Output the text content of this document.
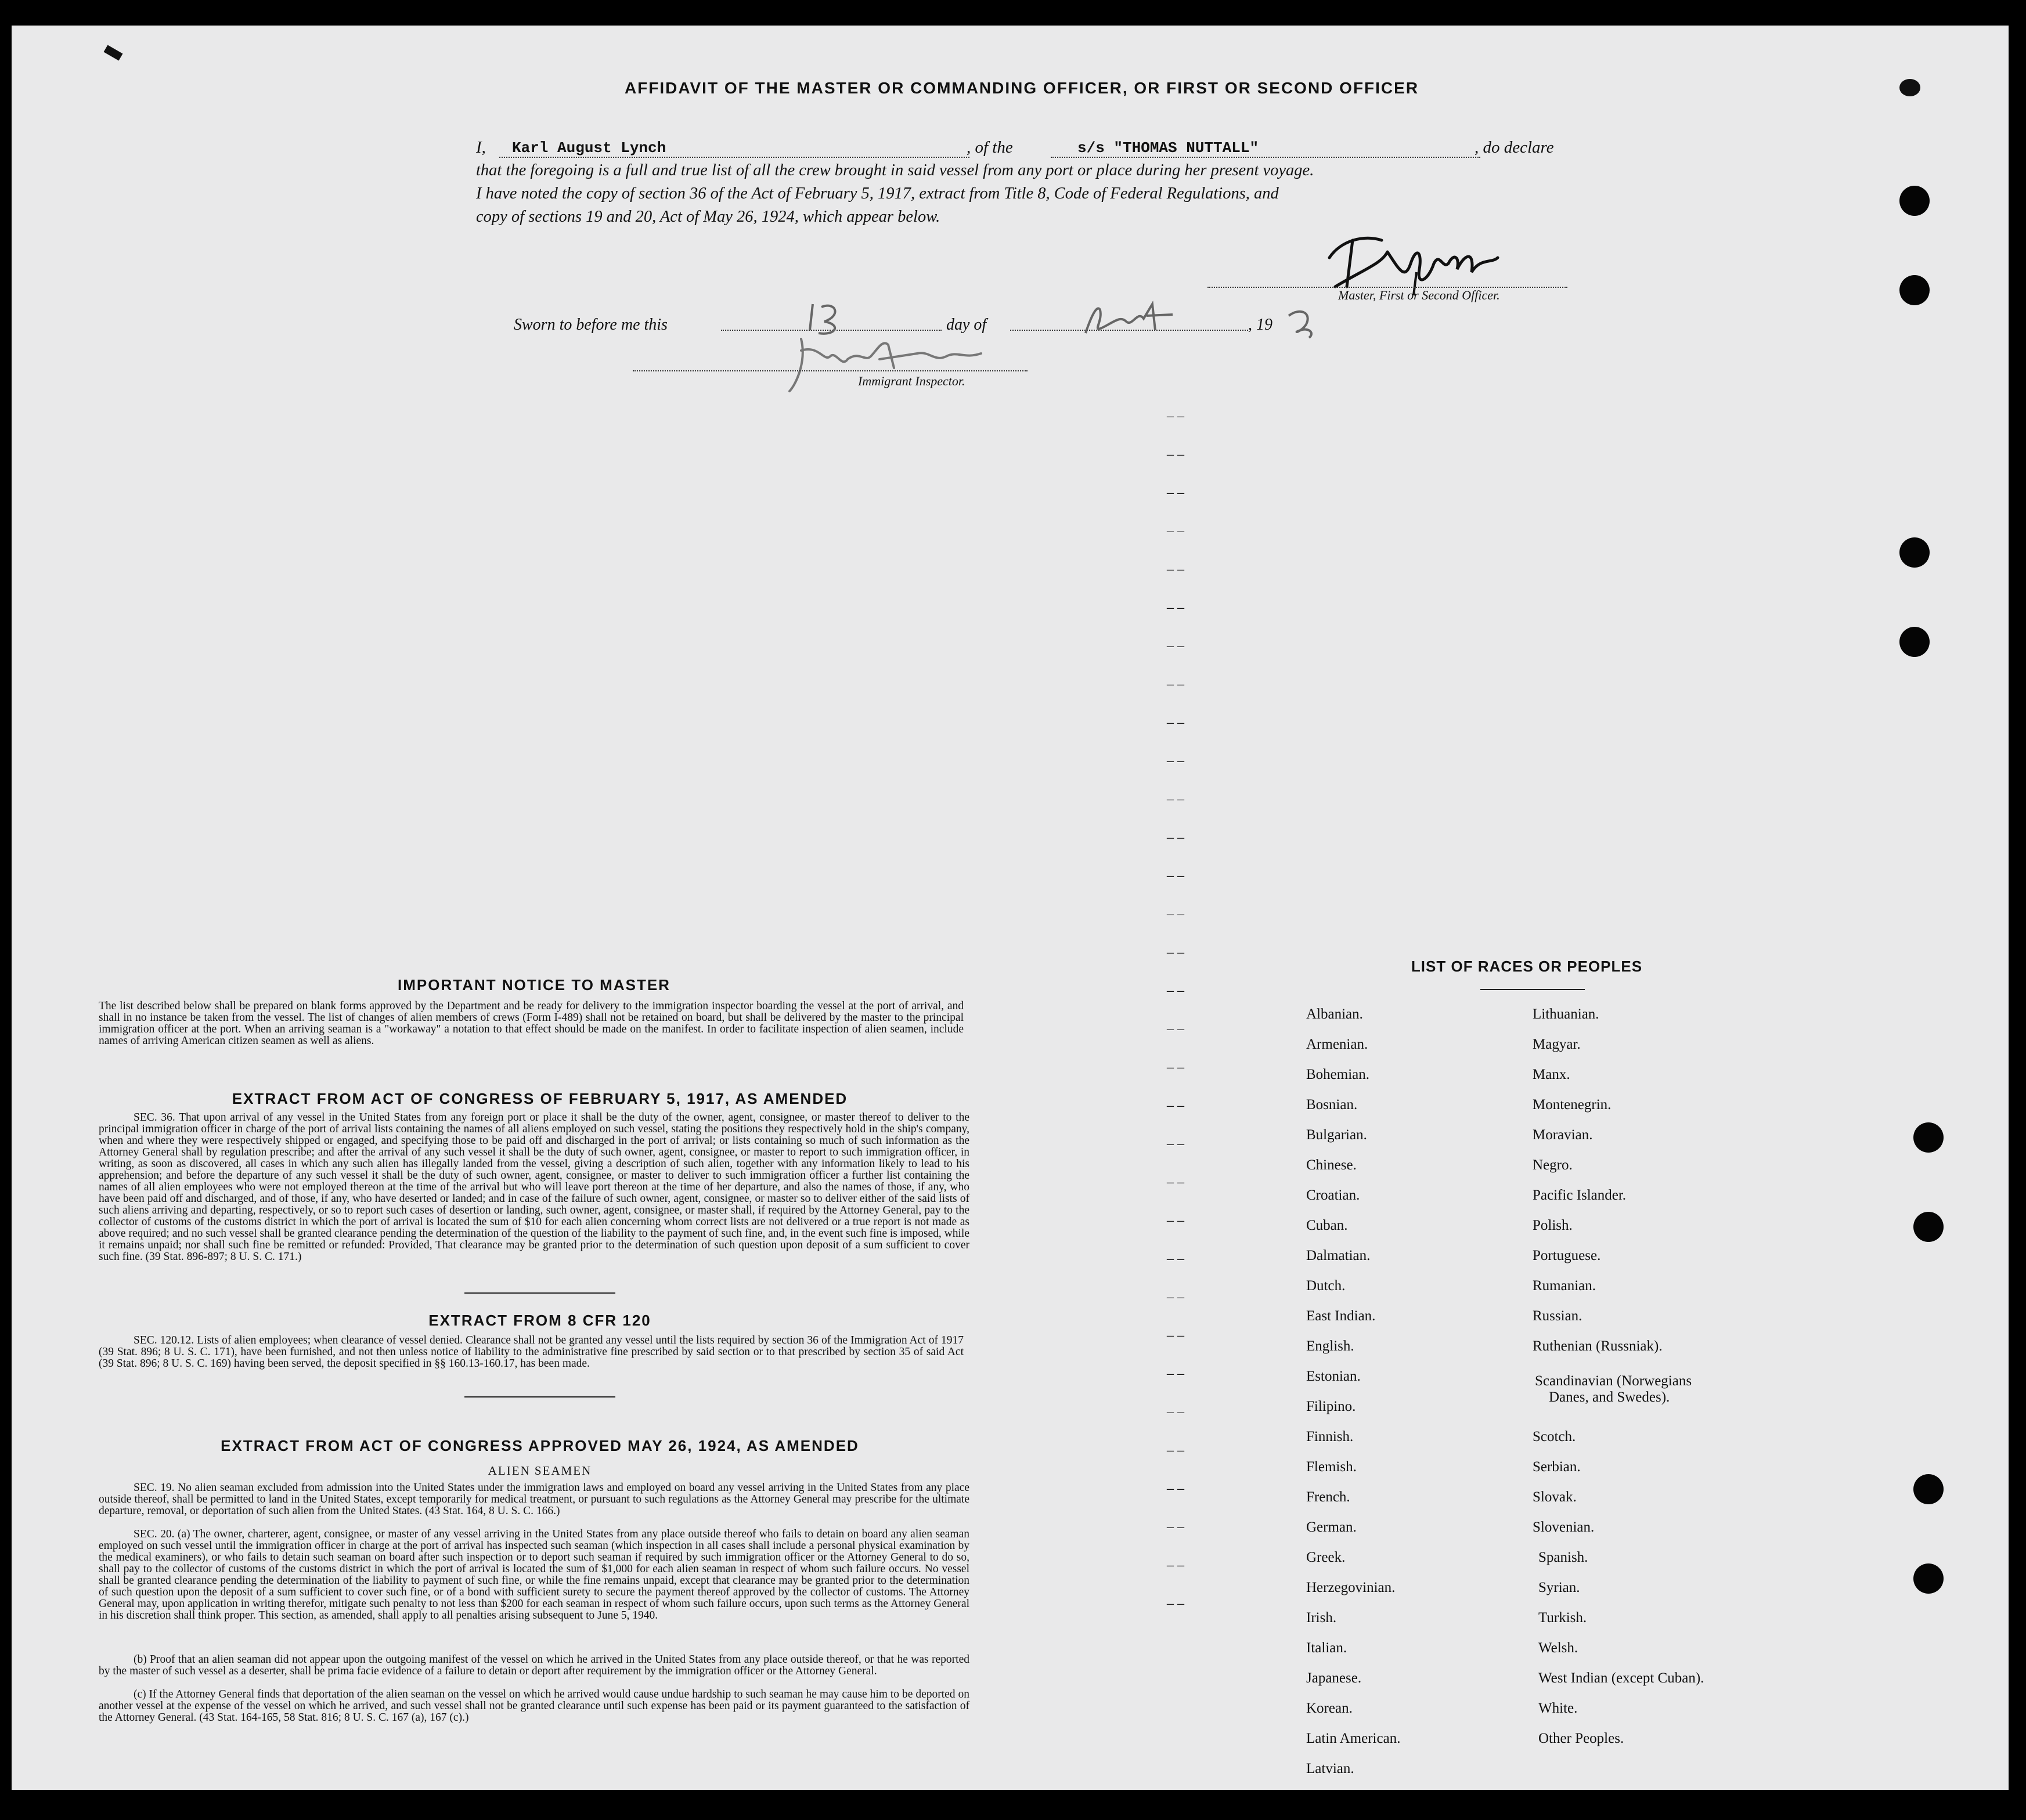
AFFIDAVIT OF THE MASTER OR COMMANDING OFFICER, OR FIRST OR SECOND OFFICER
I, Karl August Lynch	, of the	s/s "THOMAS NUTTALL"	, do declare
that the foregoing is a full and true list of all the crew brought in said vessel from any port or place during her present voyage.
I have noted the copy of section 36 of the Act of February 5, 1917, extract from Title 8, Code of Federal Regulations, and
copy of sections 19 and 20, Act of May 26, 1924, which appear below.
Master, First or Second Officer.
Sworn to before me this	day of	, 19
Immigrant Inspector.
– –
– –
– –
– –
– –
– –
– –
– –
– –
– –
– –
– –
– –
– –
– –
– –
– –
– –
– –
– –
– –
– –
– –
– –
– –
– –
– –
– –
– –
– –
– –
– –
IMPORTANT NOTICE TO MASTER
The list described below shall be prepared on blank forms approved by the Department and be ready for delivery to the immigration inspector boarding the vessel at the port of arrival, and shall in no instance be taken from the vessel. The list of changes of alien members of crews (Form I-489) shall not be retained on board, but shall be delivered by the master to the principal immigration officer at the port. When an arriving seaman is a "workaway" a notation to that effect should be made on the manifest. In order to facilitate inspection of alien seamen, include names of arriving American citizen seamen as well as aliens.
EXTRACT FROM ACT OF CONGRESS OF FEBRUARY 5, 1917, AS AMENDED
SEC. 36. That upon arrival of any vessel in the United States from any foreign port or place it shall be the duty of the owner, agent, consignee, or master thereof to deliver to the principal immigration officer in charge of the port of arrival lists containing the names of all aliens employed on such vessel, stating the positions they respectively hold in the ship's company, when and where they were respectively shipped or engaged, and specifying those to be paid off and discharged in the port of arrival; or lists containing so much of such information as the Attorney General shall by regulation prescribe; and after the arrival of any such vessel it shall be the duty of such owner, agent, consignee, or master to report to such immigration officer, in writing, as soon as discovered, all cases in which any such alien has illegally landed from the vessel, giving a description of such alien, together with any information likely to lead to his apprehension; and before the departure of any such vessel it shall be the duty of such owner, agent, consignee, or master to deliver to such immigration officer a further list containing the names of all alien employees who were not employed thereon at the time of the arrival but who will leave port thereon at the time of her departure, and also the names of those, if any, who have been paid off and discharged, and of those, if any, who have deserted or landed; and in case of the failure of such owner, agent, consignee, or master so to deliver either of the said lists of such aliens arriving and departing, respectively, or so to report such cases of desertion or landing, such owner, agent, consignee, or master shall, if required by the Attorney General, pay to the collector of customs of the customs district in which the port of arrival is located the sum of $10 for each alien concerning whom correct lists are not delivered or a true report is not made as above required; and no such vessel shall be granted clearance pending the determination of the question of the liability to the payment of such fine, and, in the event such fine is imposed, while it remains unpaid; nor shall such fine be remitted or refunded: Provided, That clearance may be granted prior to the determination of such question upon deposit of a sum sufficient to cover such fine. (39 Stat. 896-897; 8 U. S. C. 171.)
EXTRACT FROM 8 CFR 120
SEC. 120.12. Lists of alien employees; when clearance of vessel denied. Clearance shall not be granted any vessel until the lists required by section 36 of the Immigration Act of 1917 (39 Stat. 896; 8 U. S. C. 171), have been furnished, and not then unless notice of liability to the administrative fine prescribed by said section or to that prescribed by section 35 of said Act (39 Stat. 896; 8 U. S. C. 169) having been served, the deposit specified in §§ 160.13-160.17, has been made.
EXTRACT FROM ACT OF CONGRESS APPROVED MAY 26, 1924, AS AMENDED
ALIEN SEAMEN
SEC. 19. No alien seaman excluded from admission into the United States under the immigration laws and employed on board any vessel arriving in the United States from any place outside thereof, shall be permitted to land in the United States, except temporarily for medical treatment, or pursuant to such regulations as the Attorney General may prescribe for the ultimate departure, removal, or deportation of such alien from the United States. (43 Stat. 164, 8 U. S. C. 166.)
SEC. 20. (a) The owner, charterer, agent, consignee, or master of any vessel arriving in the United States from any place outside thereof who fails to detain on board any alien seaman employed on such vessel until the immigration officer in charge at the port of arrival has inspected such seaman (which inspection in all cases shall include a personal physical examination by the medical examiners), or who fails to detain such seaman on board after such inspection or to deport such seaman if required by such immigration officer or the Attorney General to do so, shall pay to the collector of customs of the customs district in which the port of arrival is located the sum of $1,000 for each alien seaman in respect of whom such failure occurs. No vessel shall be granted clearance pending the determination of the liability to payment of such fine, or while the fine remains unpaid, except that clearance may be granted prior to the determination of such question upon the deposit of a sum sufficient to cover such fine, or of a bond with sufficient surety to secure the payment thereof approved by the collector of customs. The Attorney General may, upon application in writing therefor, mitigate such penalty to not less than $200 for each seaman in respect of whom such failure occurs, upon such terms as the Attorney General in his discretion shall think proper. This section, as amended, shall apply to all penalties arising subsequent to June 5, 1940.
(b) Proof that an alien seaman did not appear upon the outgoing manifest of the vessel on which he arrived in the United States from any place outside thereof, or that he was reported by the master of such vessel as a deserter, shall be prima facie evidence of a failure to detain or deport after requirement by the immigration officer or the Attorney General.
(c) If the Attorney General finds that deportation of the alien seaman on the vessel on which he arrived would cause undue hardship to such seaman he may cause him to be deported on another vessel at the expense of the vessel on which he arrived, and such vessel shall not be granted clearance until such expense has been paid or its payment guaranteed to the satisfaction of the Attorney General. (43 Stat. 164-165, 58 Stat. 816; 8 U. S. C. 167 (a), 167 (c).)
LIST OF RACES OR PEOPLES
Albanian.
Armenian.
Bohemian.
Bosnian.
Bulgarian.
Chinese.
Croatian.
Cuban.
Dalmatian.
Dutch.
East Indian.
English.
Estonian.
Filipino.
Finnish.
Flemish.
French.
German.
Greek.
Herzegovinian.
Irish.
Italian.
Japanese.
Korean.
Latin American.
Latvian.
Lithuanian.
Magyar.
Manx.
Montenegrin.
Moravian.
Negro.
Pacific Islander.
Polish.
Portuguese.
Rumanian.
Russian.
Ruthenian (Russniak).
Scandinavian (Norwegians
Danes, and Swedes).
Scotch.
Serbian.
Slovak.
Slovenian.
Spanish.
Syrian.
Turkish.
Welsh.
West Indian (except Cuban).
White.
Other Peoples.
